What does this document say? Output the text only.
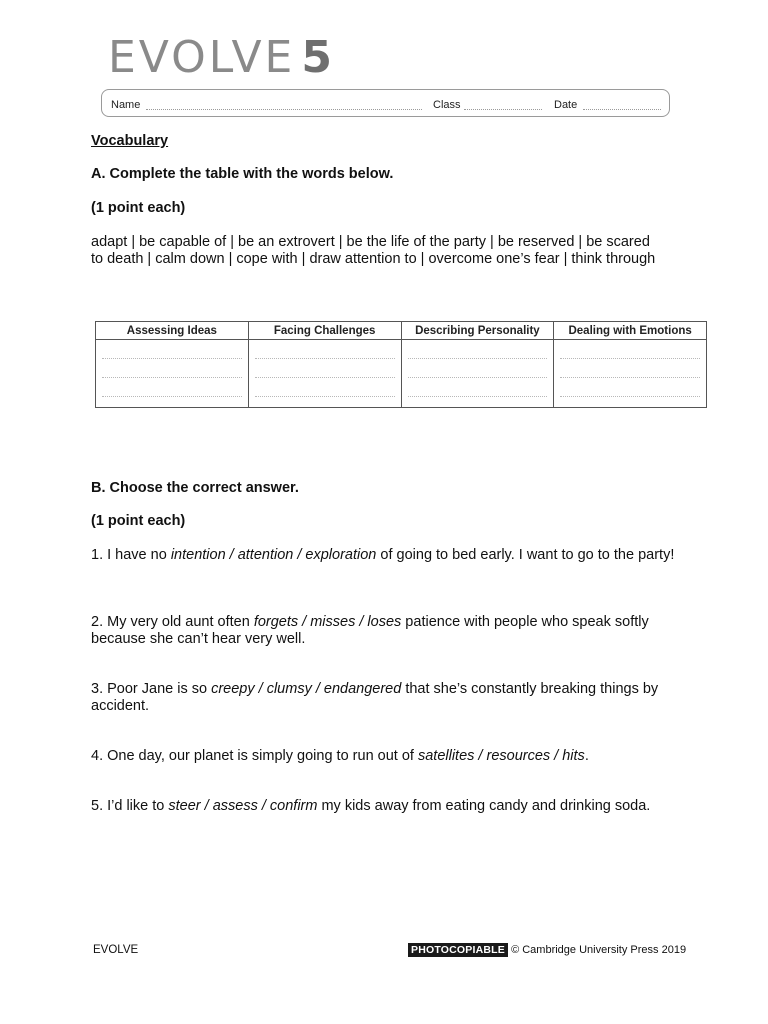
EVOLVE 5
Name	Class	Date

Vocabulary

A. Complete the table with the words below.

(1 point each)

adapt | be capable of | be an extrovert | be the life of the party | be reserved | be scared to death | calm down | cope with | draw attention to | overcome one’s fear | think through

Assessing Ideas	Facing Challenges	Describing Personality	Dealing with Emotions

B. Choose the correct answer.

(1 point each)

1. I have no intention / attention / exploration of going to bed early. I want to go to the party!

2. My very old aunt often forgets / misses / loses patience with people who speak softly because she can’t hear very well.

3. Poor Jane is so creepy / clumsy / endangered that she’s constantly breaking things by accident.

4. One day, our planet is simply going to run out of satellites / resources / hits.

5. I’d like to steer / assess / confirm my kids away from eating candy and drinking soda.

EVOLVE	PHOTOCOPIABLE © Cambridge University Press 2019
